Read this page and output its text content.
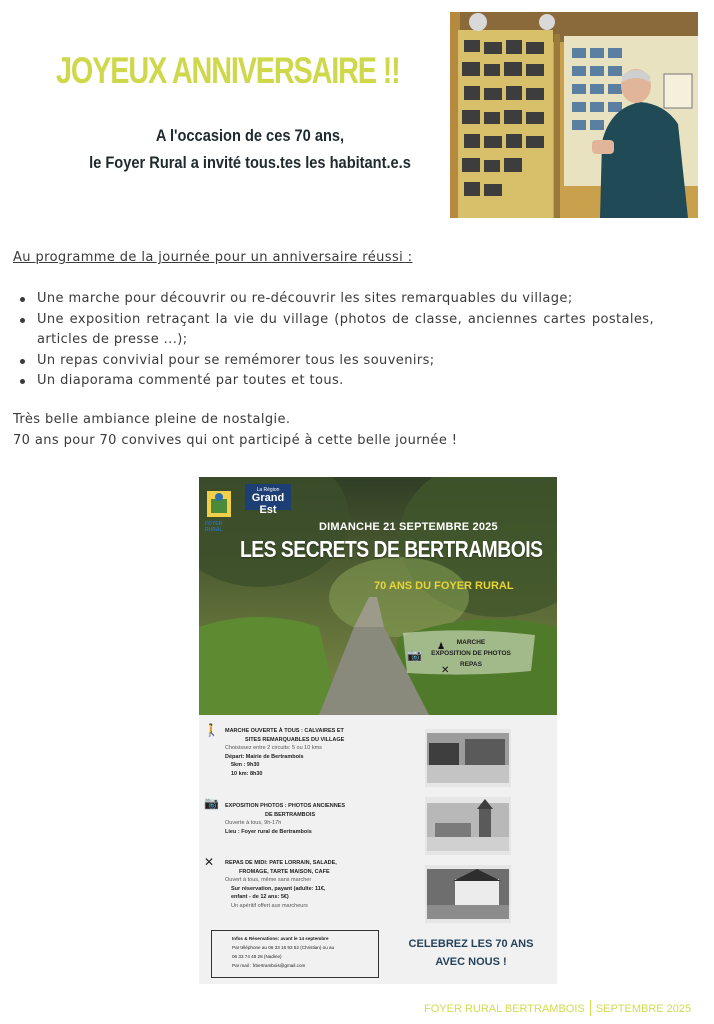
JOYEUX ANNIVERSAIRE !!
A l'occasion de ces 70 ans,
le Foyer Rural a invité tous.tes les habitant.e.s
Au programme de la journée pour un anniversaire réussi :
Une marche pour découvrir ou re-découvrir les sites remarquables du village;
Une exposition retraçant la vie du village (photos de classe, anciennes cartes postales, articles de presse ...);
Un repas convivial pour se remémorer tous les souvenirs;
Un diaporama commenté par toutes et tous.
Très belle ambiance pleine de nostalgie.
70 ans pour 70 convives qui ont participé à cette belle journée !
FOYER RURAL
La Région
Grand Est
DIMANCHE 21 SEPTEMBRE 2025
LES SECRETS DE BERTRAMBOIS
70 ANS DU FOYER RURAL
📷
✕
♟	MARCHE
EXPOSITION DE PHOTOS
REPAS
🚶 MARCHE OUVERTE À TOUS : CALVAIRES ET
SITES REMARQUABLES DU VILLAGE
Choisissez entre 2 circuits: 5 ou 10 kms
Départ: Mairie de Bertrambois
5km : 9h30
10 km: 8h30
📷 EXPOSITION PHOTOS : PHOTOS ANCIENNES
DE BERTRAMBOIS
Ouverte à tous, 9h-17h
Lieu : Foyer rural de Bertrambois
✕ REPAS DE MIDI: PATE LORRAIN, SALADE,
FROMAGE, TARTE MAISON, CAFE
Ouvert à tous, même sans marcher
Sur réservation, payant (adulte: 11€,
enfant - de 12 ans: 5€)
Un apéritif offert aux marcheurs
Infos & Réservations: avant le 14 septembre
Par téléphone au 06 33 16 93 52 (Christian) ou au
06 33 74 48 28 (Nadine)
Par mail : frbertrambois@gmail.com
CELEBREZ LES 70 ANS
AVEC NOUS !
FOYER RURAL BERTRAMBOIS SEPTEMBRE 2025
